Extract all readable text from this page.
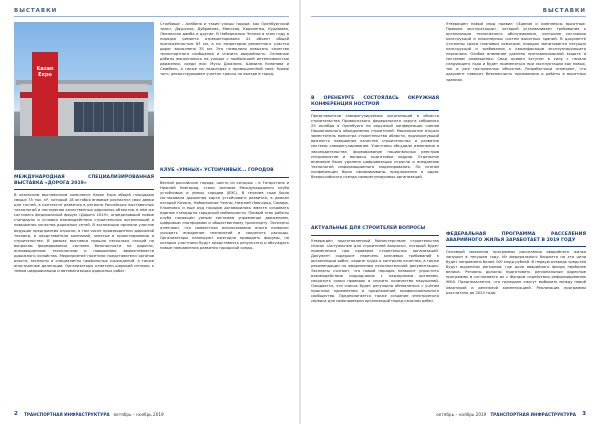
ВЫСТАВКИ
Kazan Expo
МЕЖДУНАРОДНАЯ СПЕЦИАЛИЗИРОВАННАЯ ВЫСТАВКА «ДОРОГА 2019»

В казанском выставочном комплексе Kazan Expo общей площадью свыше 75 тыс. м², который 18 октября впервые распахнул свои двери для гостей, в контексте развития в регионе Российских выставочных технологий и построения качественных дорожных объектов, в нём же состоялся федеральный форум «Дорога 2019», определивший новые стандарты и условия взаимодействия строительных организаций и повышения качества дорожных сетей. В экспозиции приняли участие ведущие предприятия отрасли, в том числе производители дорожной техники, и представители компаний, занятых в проектировании и строительстве. В рамках выставки прошло несколько секций по вопросам формирования системы безопасности на дорогах, инновационным технологиям и повышению эффективности дорожного хозяйства. Мероприятие посетили представители органов власти, эксперты и специалисты профильных учреждений, а также иностранные делегации. Организаторы отметили широкий интерес к темам цифровизации и автоматизации дорожных работ.

Столбище – Алабино и такие улицы города, как Оренбургский тракт, Даурская, Дубравная, Минская, Короленко, Кудашева, Ленинская дамба и другие. В Набережных Челнах в этом году в порядке ремонта отремонтировано 41 объект общей протяжённостью 63 км, а на территории ремонтного участка дорог выполнено 35 км. Это позволило повысить качество транспортного сообщения и снизить аварийность. Основные работы выполнялись на улицах с наибольшей интенсивностью движения, среди них: Мусы Джалиля, Шамиля Усманова и Сюмбель, а также на подъездах к промышленной зоне. Кроме того, реконструирован участок трассы на въезде в город.

КЛУБ «УМНЫХ» УСТОИЧИВЫХ... ГОРОДОВ

Весной российские города, шесть из которых – в Татарстане и Нижний Новгород, стали членами Международного клуба устойчивых и умных городов (ВЭС). В течение года была согласована дорожная карта устойчивого развития, в рамках которой Казань, Набережные Челны, Нижний Новгород, Самара, Ульяновск и ещё ряд городов договорились вместе создавать единые стандарты городской мобильности. Первый этап работы клуба посвящён умным системам управления движением, цифровым платформам и общественному транспорту. Эксперты отмечают, что совместное использование опыта позволит ускорить внедрение технологий и сократить расходы. Организаторы планируют ежегодно проводить форумы, на которых участники будут представлять результаты и обсуждать новые направления развития городской среды.

2 ТРАНСПОРТНАЯ ИНФРАСТРУКТУРА октябрь – ноябрь 2019
ВЫСТАВКИ
В ОРЕНБУРГЕ СОСТОЯЛАСЬ ОКРУЖНАЯ КОНФЕРЕНЦИЯ НОСТРОЙ

Представители саморегулируемых организаций в области строительства Приволжского федерального округа собрались 25 октября в Оренбурге на окружной конференции членов Национального объединения строителей. Мероприятие открыл заместитель министра строительства области, подчеркнувший важность повышения качества строительства и развития системы саморегулирования. Участники обсудили изменения в законодательстве, формирование национальных реестров специалистов и вопросы подготовки кадров. Отдельное внимание было уделено цифровизации отрасли и внедрению технологий информационного моделирования. По итогам конференции были сформированы предложения в адрес Всероссийского съезда саморегулируемых организаций.

АКТУАЛЬНЫЕ ДЛЯ СТРОИТЕЛЕЙ ВОПРОСЫ

Утверждён подготовленный Министерством строительства список «Актуальные для строителей вопросы», который будет применяться при проверке строительных организаций. Документ содержит перечень ключевых требований к организации работ, охране труда и контролю качества, а также рекомендации по оформлению исполнительной документации. Эксперты считают, что новый порядок позволит упростить взаимодействие подрядчиков с надзорными органами, сократить сроки проверок и снизить количество нарушений. Ожидается, что список будет регулярно обновляться с учётом практики применения и предложений профессионального сообщества. Предполагается также создание электронного сервиса для самопроверки организаций перед началом работ.

Утверждён новый свод правил «Здания и комплексы высотные. Правила эксплуатации», который устанавливает требования к организации технического обслуживания, контролю состояния конструкций и инженерных систем высотных зданий. В документе уточнены сроки плановых осмотров, порядок мониторинга несущих конструкций и требования к квалификации эксплуатирующего персонала. Особое внимание уделено противопожарной защите и системам оповещения. Свод правил вступит в силу с начала следующего года и будет применяться при эксплуатации как новых, так и уже построенных объектов. Разработчики отмечают, что документ повысит безопасность проживания и работы в высотных зданиях.

ФЕДЕРАЛЬНАЯ ПРОГРАММА РАССЕЛЕНИЯ АВАРИЙНОГО ЖИЛЬЯ ЗАРАБОТАЕТ В 2019 ГОДУ

Основной механизм программы расселения аварийного жилья запущен в текущем году. Из федерального бюджета на эти цели будет направлено более 100 млрд рублей. В первую очередь средства будут выделены регионам, где доля аварийного фонда наиболее велика. Регионы должны подготовить региональные адресные программы и согласовать их с Фондом содействия реформированию ЖКХ. Предполагается, что граждане смогут выбирать между новой квартирой и денежной компенсацией. Реализация программы рассчитана до 2024 года.

октябрь – ноябрь 2019 ТРАНСПОРТНАЯ ИНФРАСТРУКТУРА 3
